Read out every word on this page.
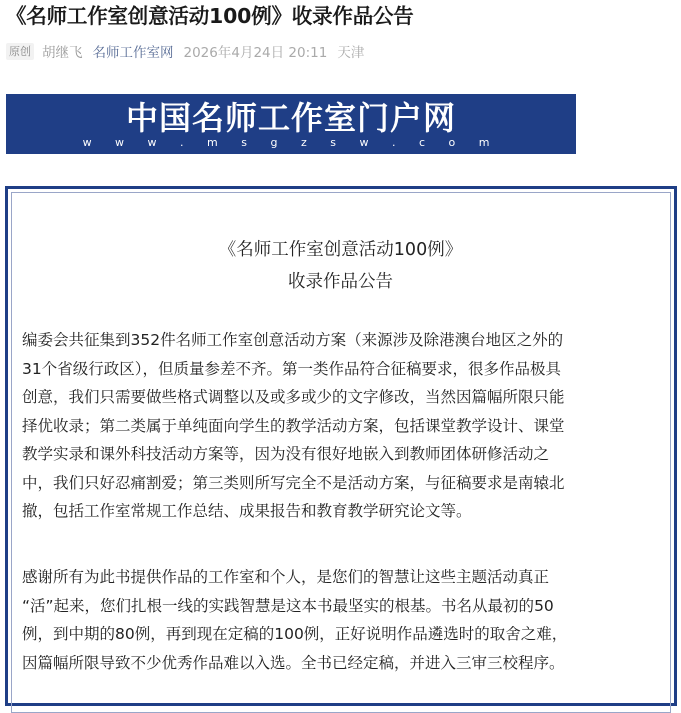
《名师工作室创意活动100例》收录作品公告
原创 胡继飞 名师工作室网 2026年4月24日 20:11 天津
中国名师工作室门户网
w w w . m s g z s w . c o m
《名师工作室创意活动100例》
收录作品公告
编委会共征集到352件名师工作室创意活动方案（来源涉及除港澳台地区之外的
31个省级行政区），但质量参差不齐。第一类作品符合征稿要求，很多作品极具
创意，我们只需要做些格式调整以及或多或少的文字修改，当然因篇幅所限只能
择优收录；第二类属于单纯面向学生的教学活动方案，包括课堂教学设计、课堂
教学实录和课外科技活动方案等，因为没有很好地嵌入到教师团体研修活动之
中，我们只好忍痛割爱；第三类则所写完全不是活动方案，与征稿要求是南辕北
撤，包括工作室常规工作总结、成果报告和教育教学研究论文等。
感谢所有为此书提供作品的工作室和个人，是您们的智慧让这些主题活动真正
“活”起来，您们扎根一线的实践智慧是这本书最坚实的根基。书名从最初的50
例，到中期的80例，再到现在定稿的100例，正好说明作品遴选时的取舍之难，
因篇幅所限导致不少优秀作品难以入选。全书已经定稿，并进入三审三校程序。
